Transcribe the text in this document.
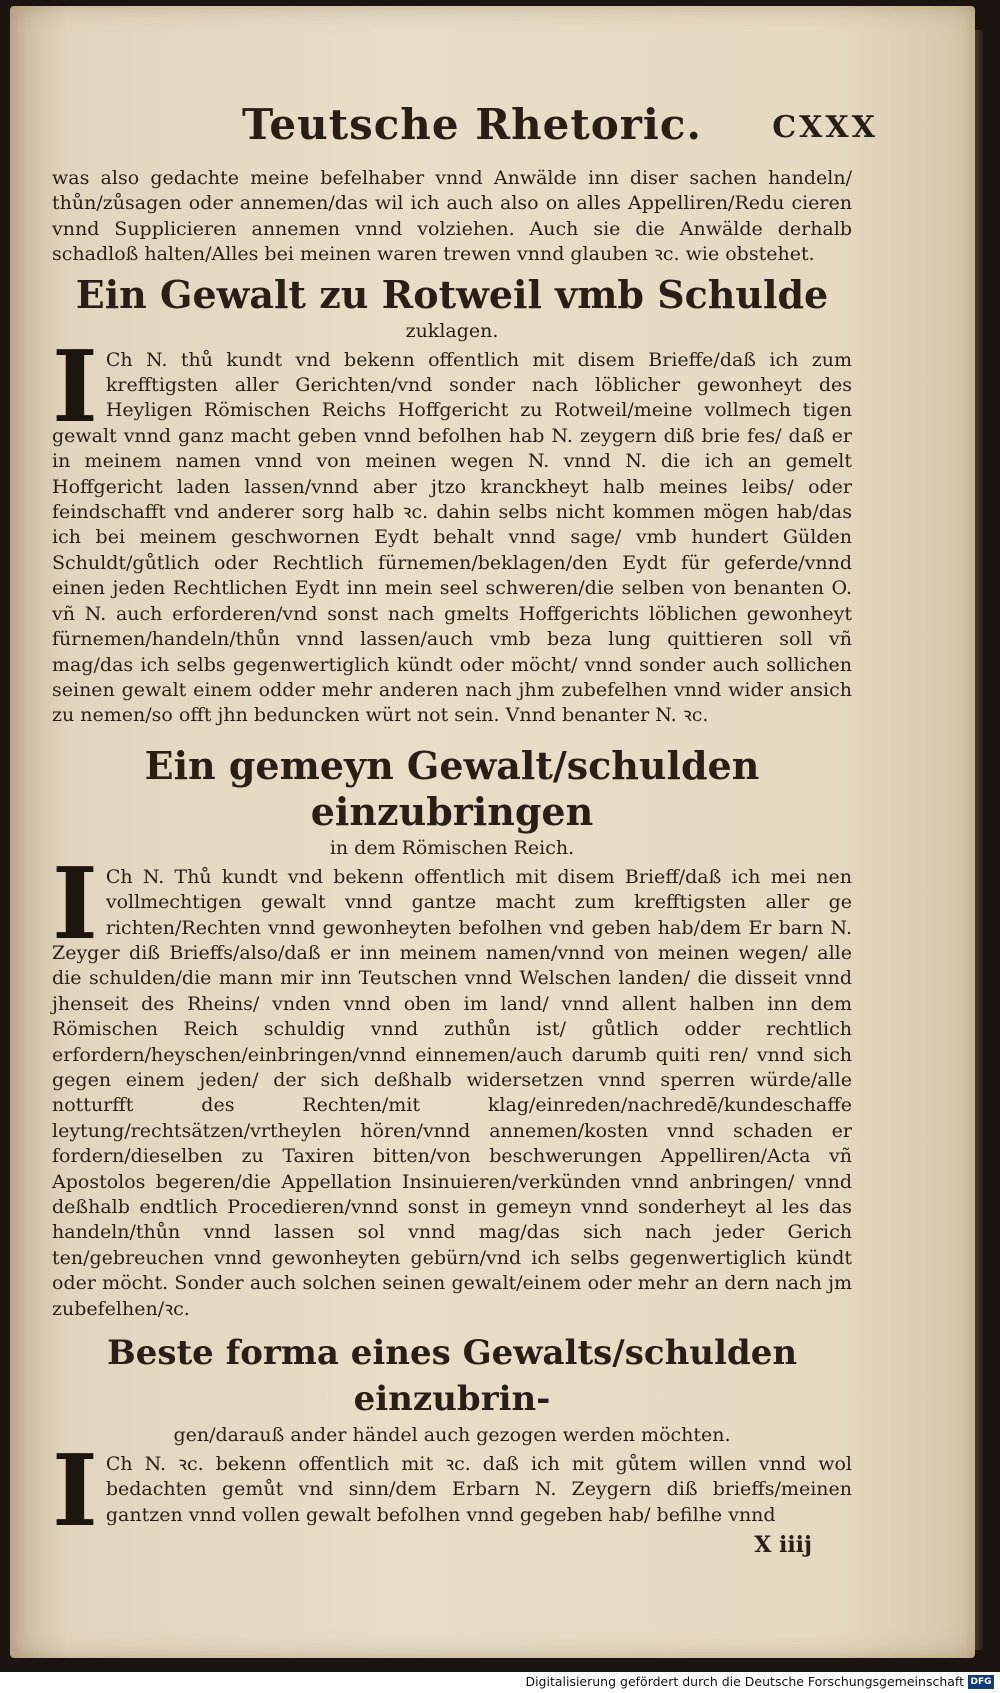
Teutsche Rhetoric. CXXX

was also gedachte meine befelhaber vnnd Anwälde inn diser sachen handeln/ thůn/zůsagen oder annemen/das wil ich auch also on alles Appelliren/Redu cieren vnnd Supplicieren annemen vnnd volziehen. Auch sie die Anwälde derhalb schadloß halten/Alles bei meinen waren trewen vnnd glauben ꝛc. wie obstehet.

Ein Gewalt zu Rotweil vmb Schulde
zuklagen.
I Ch N. thů kundt vnd bekenn offentlich mit disem Brieffe/daß ich zum krefftigsten aller Gerichten/vnd sonder nach löblicher gewonheyt des Heyligen Römischen Reichs Hoffgericht zu Rotweil/meine vollmech tigen gewalt vnnd ganz macht geben vnnd befolhen hab N. zeygern diß brie fes/ daß er in meinem namen vnnd von meinen wegen N. vnnd N. die ich an gemelt Hoffgericht laden lassen/vnnd aber jtzo kranckheyt halb meines leibs/ oder feindschafft vnd anderer sorg halb ꝛc. dahin selbs nicht kommen mögen hab/das ich bei meinem geschwornen Eydt behalt vnnd sage/ vmb hundert Gülden Schuldt/gůtlich oder Rechtlich fürnemen/beklagen/den Eydt für geferde/vnnd einen jeden Rechtlichen Eydt inn mein seel schweren/die selben von benanten O. vñ N. auch erforderen/vnd sonst nach gmelts Hoffgerichts löblichen gewonheyt fürnemen/handeln/thůn vnnd lassen/auch vmb beza lung quittieren soll vñ mag/das ich selbs gegenwertiglich kündt oder möcht/ vnnd sonder auch sollichen seinen gewalt einem odder mehr anderen nach jhm zubefelhen vnnd wider ansich zu nemen/so offt jhn beduncken würt not sein. Vnnd benanter N. ꝛc.

Ein gemeyn Gewalt/schulden einzubringen
in dem Römischen Reich.
I Ch N. Thů kundt vnd bekenn offentlich mit disem Brieff/daß ich mei nen vollmechtigen gewalt vnnd gantze macht zum krefftigsten aller ge richten/Rechten vnnd gewonheyten befolhen vnd geben hab/dem Er barn N. Zeyger diß Brieffs/also/daß er inn meinem namen/vnnd von meinen wegen/ alle die schulden/die mann mir inn Teutschen vnnd Welschen landen/ die disseit vnnd jhenseit des Rheins/ vnden vnnd oben im land/ vnnd allent halben inn dem Römischen Reich schuldig vnnd zuthůn ist/ gůtlich odder rechtlich erfordern/heyschen/einbringen/vnnd einnemen/auch darumb quiti ren/ vnnd sich gegen einem jeden/ der sich deßhalb widersetzen vnnd sperren würde/alle notturfft des Rechten/mit klag/einreden/nachredē/kundeschaffe leytung/rechtsätzen/vrtheylen hören/vnnd annemen/kosten vnnd schaden er fordern/dieselben zu Taxiren bitten/von beschwerungen Appelliren/Acta vñ Apostolos begeren/die Appellation Insinuieren/verkünden vnnd anbringen/ vnnd deßhalb endtlich Procedieren/vnnd sonst in gemeyn vnnd sonderheyt al les das handeln/thůn vnnd lassen sol vnnd mag/das sich nach jeder Gerich ten/gebreuchen vnnd gewonheyten gebürn/vnd ich selbs gegenwertiglich kündt oder möcht. Sonder auch solchen seinen gewalt/einem oder mehr an dern nach jm zubefelhen/ꝛc.

Beste forma eines Gewalts/schulden einzubrin-
gen/darauß ander händel auch gezogen werden möchten.
I Ch N. ꝛc. bekenn offentlich mit ꝛc. daß ich mit gůtem willen vnnd wol bedachten gemůt vnd sinn/dem Erbarn N. Zeygern diß brieffs/meinen gantzen vnnd vollen gewalt befolhen vnnd gegeben hab/ befilhe vnnd

X iiij
Digitalisierung gefördert durch die Deutsche Forschungsgemeinschaft DFG
